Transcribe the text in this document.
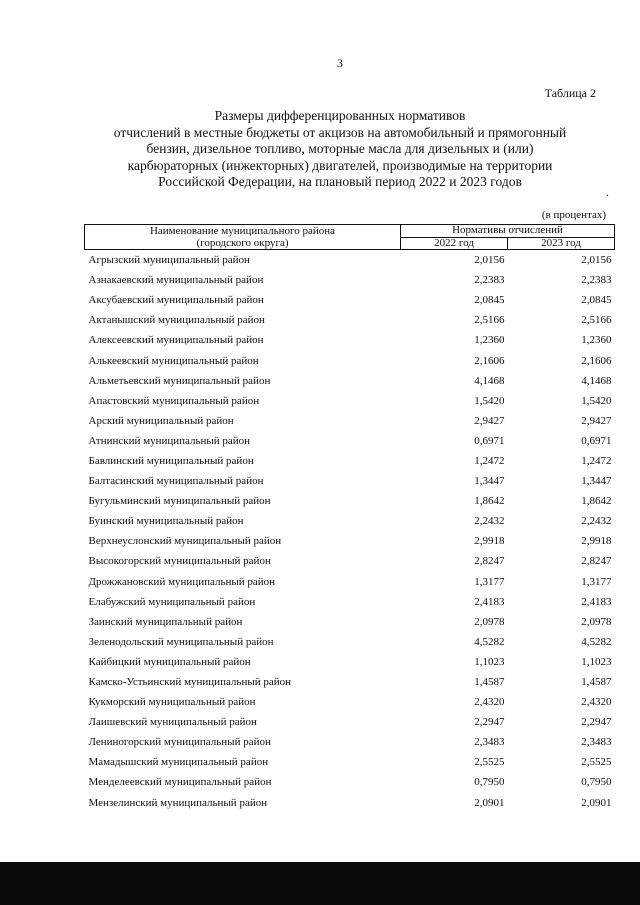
3
Таблица 2
Размеры дифференцированных нормативов
отчислений в местные бюджеты от акцизов на автомобильный и прямогонный
бензин, дизельное топливо, моторные масла для дизельных и (или)
карбюраторных (инжекторных) двигателей, производимые на территории
Российской Федерации, на плановый период 2022 и 2023 годов
.
(в процентах)
Наименование муниципального района
(городского округа)	Нормативы отчислений	
	2022 год	2023 год
Агрызский муниципальный район	2,0156	2,0156
Азнакаевский муниципальный район	2,2383	2,2383
Аксубаевский муниципальный район	2,0845	2,0845
Актанышский муниципальный район	2,5166	2,5166
Алексеевский муниципальный район	1,2360	1,2360
Алькеевский муниципальный район	2,1606	2,1606
Альметьевский муниципальный район	4,1468	4,1468
Апастовский муниципальный район	1,5420	1,5420
Арский муниципальный район	2,9427	2,9427
Атнинский муниципальный район	0,6971	0,6971
Бавлинский муниципальный район	1,2472	1,2472
Балтасинский муниципальный район	1,3447	1,3447
Бугульминский муниципальный район	1,8642	1,8642
Буинский муниципальный район	2,2432	2,2432
Верхнеуслонский муниципальный район	2,9918	2,9918
Высокогорский муниципальный район	2,8247	2,8247
Дрожжановский муниципальный район	1,3177	1,3177
Елабужский муниципальный район	2,4183	2,4183
Заинский муниципальный район	2,0978	2,0978
Зеленодольский муниципальный район	4,5282	4,5282
Кайбицкий муниципальный район	1,1023	1,1023
Камско-Устьинский муниципальный район	1,4587	1,4587
Кукморский муниципальный район	2,4320	2,4320
Лаишевский муниципальный район	2,2947	2,2947
Лениногорский муниципальный район	2,3483	2,3483
Мамадышский муниципальный район	2,5525	2,5525
Менделеевский муниципальный район	0,7950	0,7950
Мензелинский муниципальный район	2,0901	2,0901
